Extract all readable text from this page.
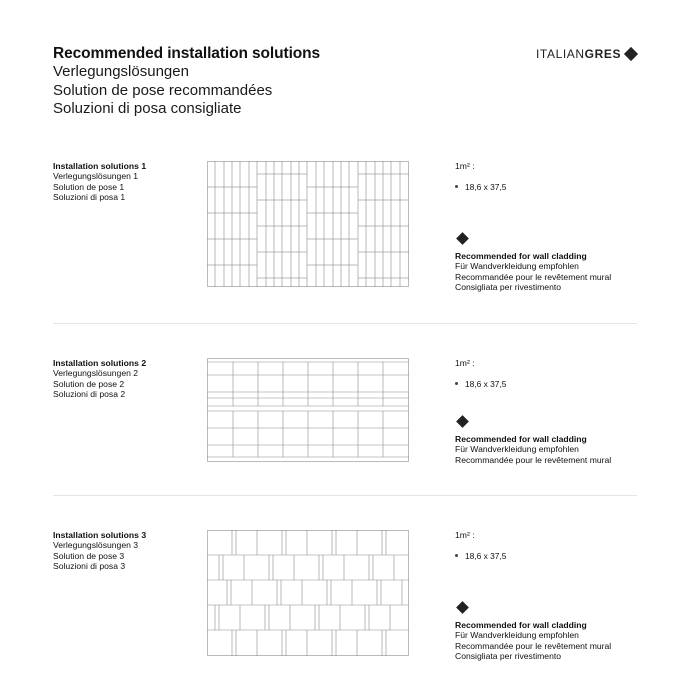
Recommended installation solutions
Verlegungslösungen
Solution de pose recommandées
Soluzioni di posa consigliate
ITALIAN GRES
Installation solutions 1
Verlegungslösungen 1
Solution de pose 1
Soluzioni di posa 1
1m² :
18,6 x 37,5
Recommended for wall cladding
Für Wandverkleidung empfohlen
Recommandée pour le revêtement mural
Consigliata per rivestimento
Installation solutions 2
Verlegungslösungen 2
Solution de pose 2
Soluzioni di posa 2
1m² :
18,6 x 37,5
Recommended for wall cladding
Für Wandverkleidung empfohlen
Recommandée pour le revêtement mural
Installation solutions 3
Verlegungslösungen 3
Solution de pose 3
Soluzioni di posa 3
1m² :
18,6 x 37,5
Recommended for wall cladding
Für Wandverkleidung empfohlen
Recommandée pour le revêtement mural
Consigliata per rivestimento
